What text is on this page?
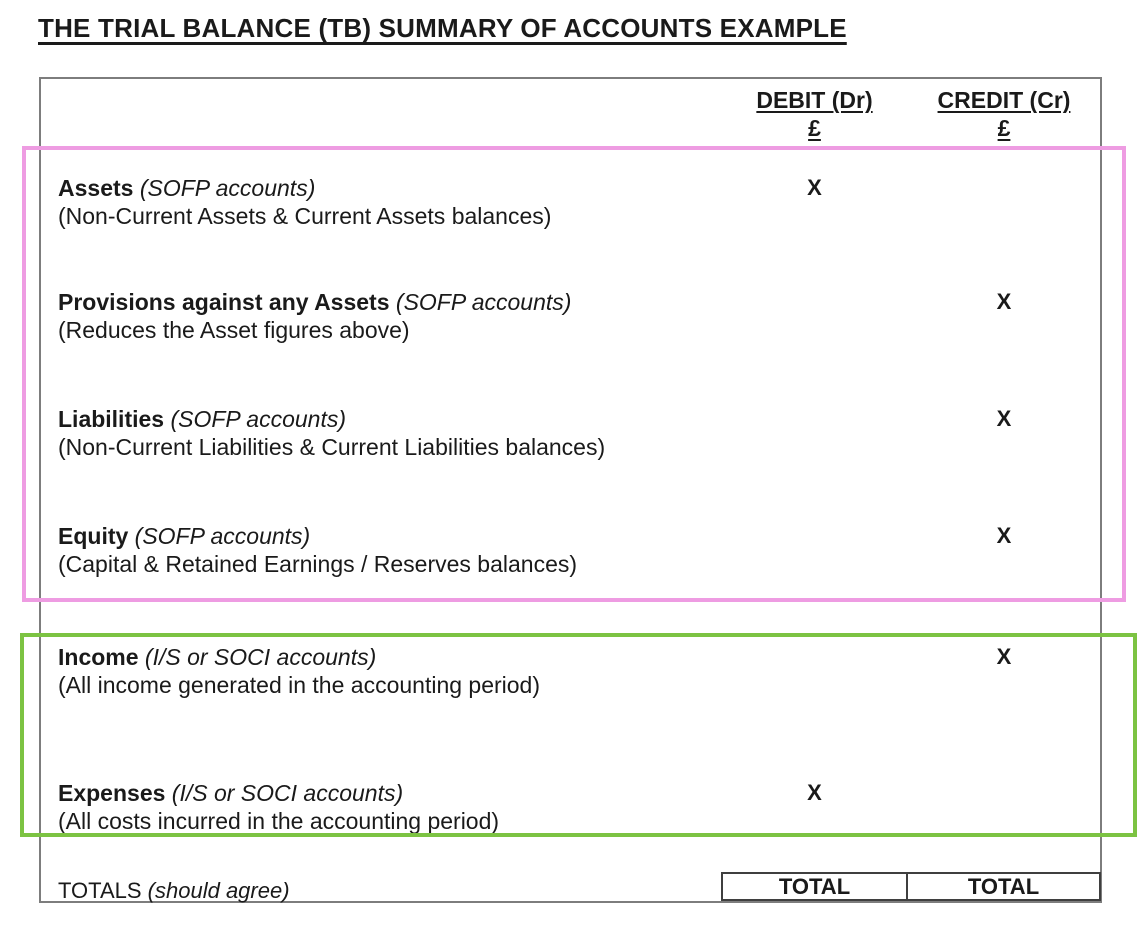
THE TRIAL BALANCE (TB) SUMMARY OF ACCOUNTS EXAMPLE
DEBIT (Dr)
£
CREDIT (Cr)
£
Assets (SOFP accounts)
(Non-Current Assets & Current Assets balances)
X
Provisions against any Assets (SOFP accounts)
(Reduces the Asset figures above)
X
Liabilities (SOFP accounts)
(Non-Current Liabilities & Current Liabilities balances)
X
Equity (SOFP accounts)
(Capital & Retained Earnings / Reserves balances)
X
Income (I/S or SOCI accounts)
(All income generated in the accounting period)
X
Expenses (I/S or SOCI accounts)
(All costs incurred in the accounting period)
X
TOTALS (should agree)	TOTAL	TOTAL
